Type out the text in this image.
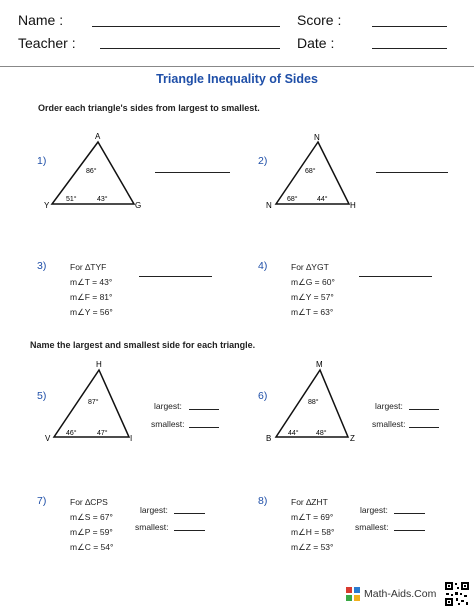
Name :	Score :
Teacher :	Date :
Triangle Inequality of Sides
Order each triangle's sides from largest to smallest.
1)
A
Y	G
86°
51°	43°
2)
N
N	H
68°
68°	44°
3)	For ∆TYF
m∠T = 43°
m∠F = 81°
m∠Y = 56°
4)	For ∆YGT
m∠G = 60°
m∠Y = 57°
m∠T = 63°
Name the largest and smallest side for each triangle.
5)
H
V	I
87°
46°	47°
largest:
smallest:
6)
M
B	Z
88°
44° 48°
largest:
smallest:
7)	For ∆CPS
m∠S = 67°
m∠P = 59°
m∠C = 54°
largest:
smallest:
8)	For ∆ZHT
m∠T = 69°
m∠H = 58°
m∠Z = 53°
largest:
smallest:
Math-Aids.Com
